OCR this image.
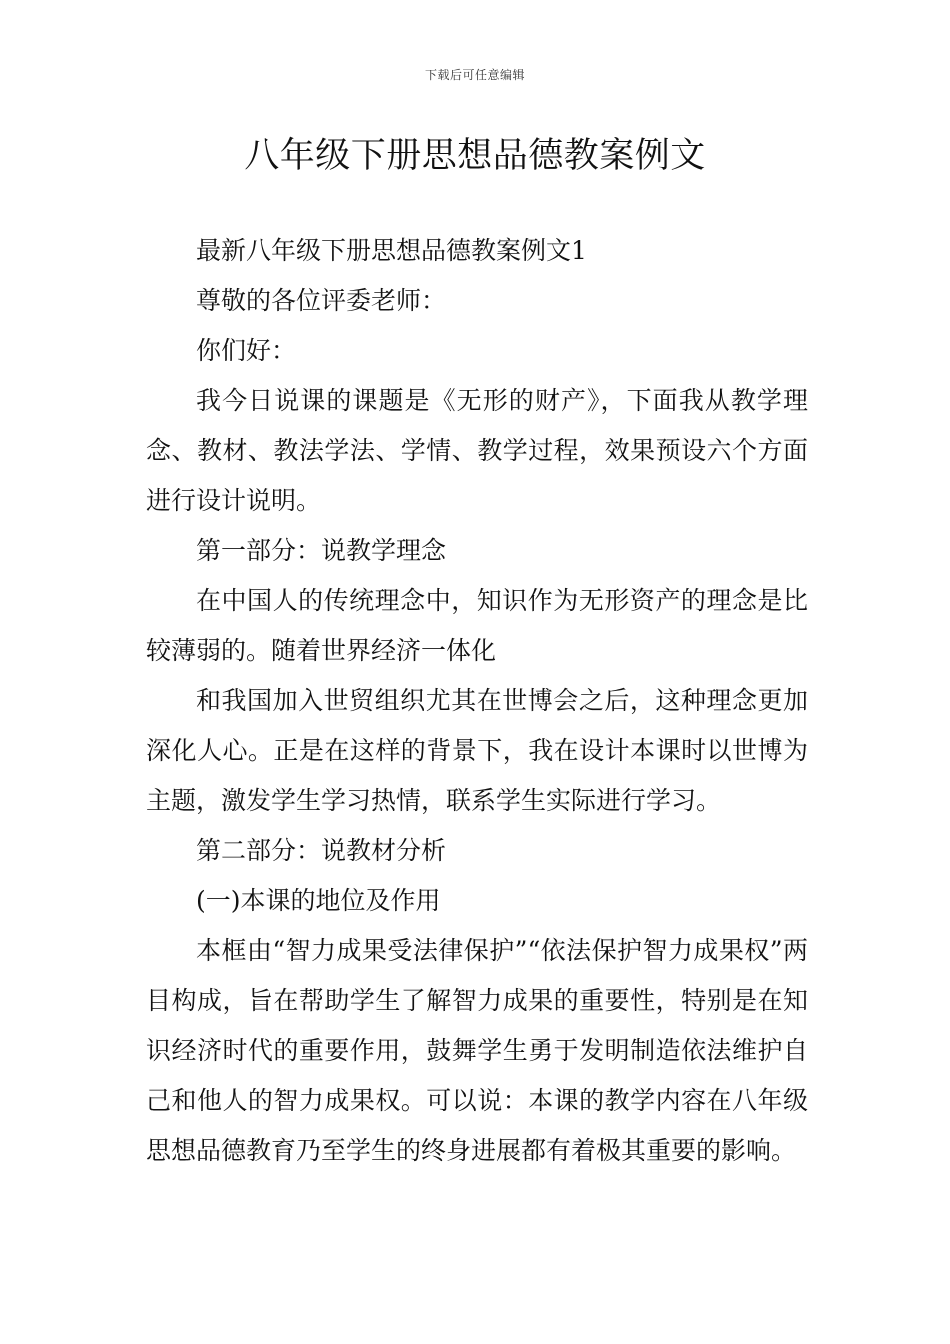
下载后可任意编辑
八年级下册思想品德教案例文

最新八年级下册思想品德教案例文1

尊敬的各位评委老师：

你们好：

我今日说课的课题是《无形的财产》，下面我从教学理念、教材、教法学法、学情、教学过程，效果预设六个方面进行设计说明。

第一部分：说教学理念

在中国人的传统理念中，知识作为无形资产的理念是比较薄弱的。随着世界经济一体化

和我国加入世贸组织尤其在世博会之后，这种理念更加深化人心。正是在这样的背景下，我在设计本课时以世博为主题，激发学生学习热情，联系学生实际进行学习。

第二部分：说教材分析

(一)本课的地位及作用

本框由“智力成果受法律保护”“依法保护智力成果权”两目构成，旨在帮助学生了解智力成果的重要性，特别是在知识经济时代的重要作用，鼓舞学生勇于发明制造依法维护自己和他人的智力成果权。可以说：本课的教学内容在八年级思想品德教育乃至学生的终身进展都有着极其重要的影响。
